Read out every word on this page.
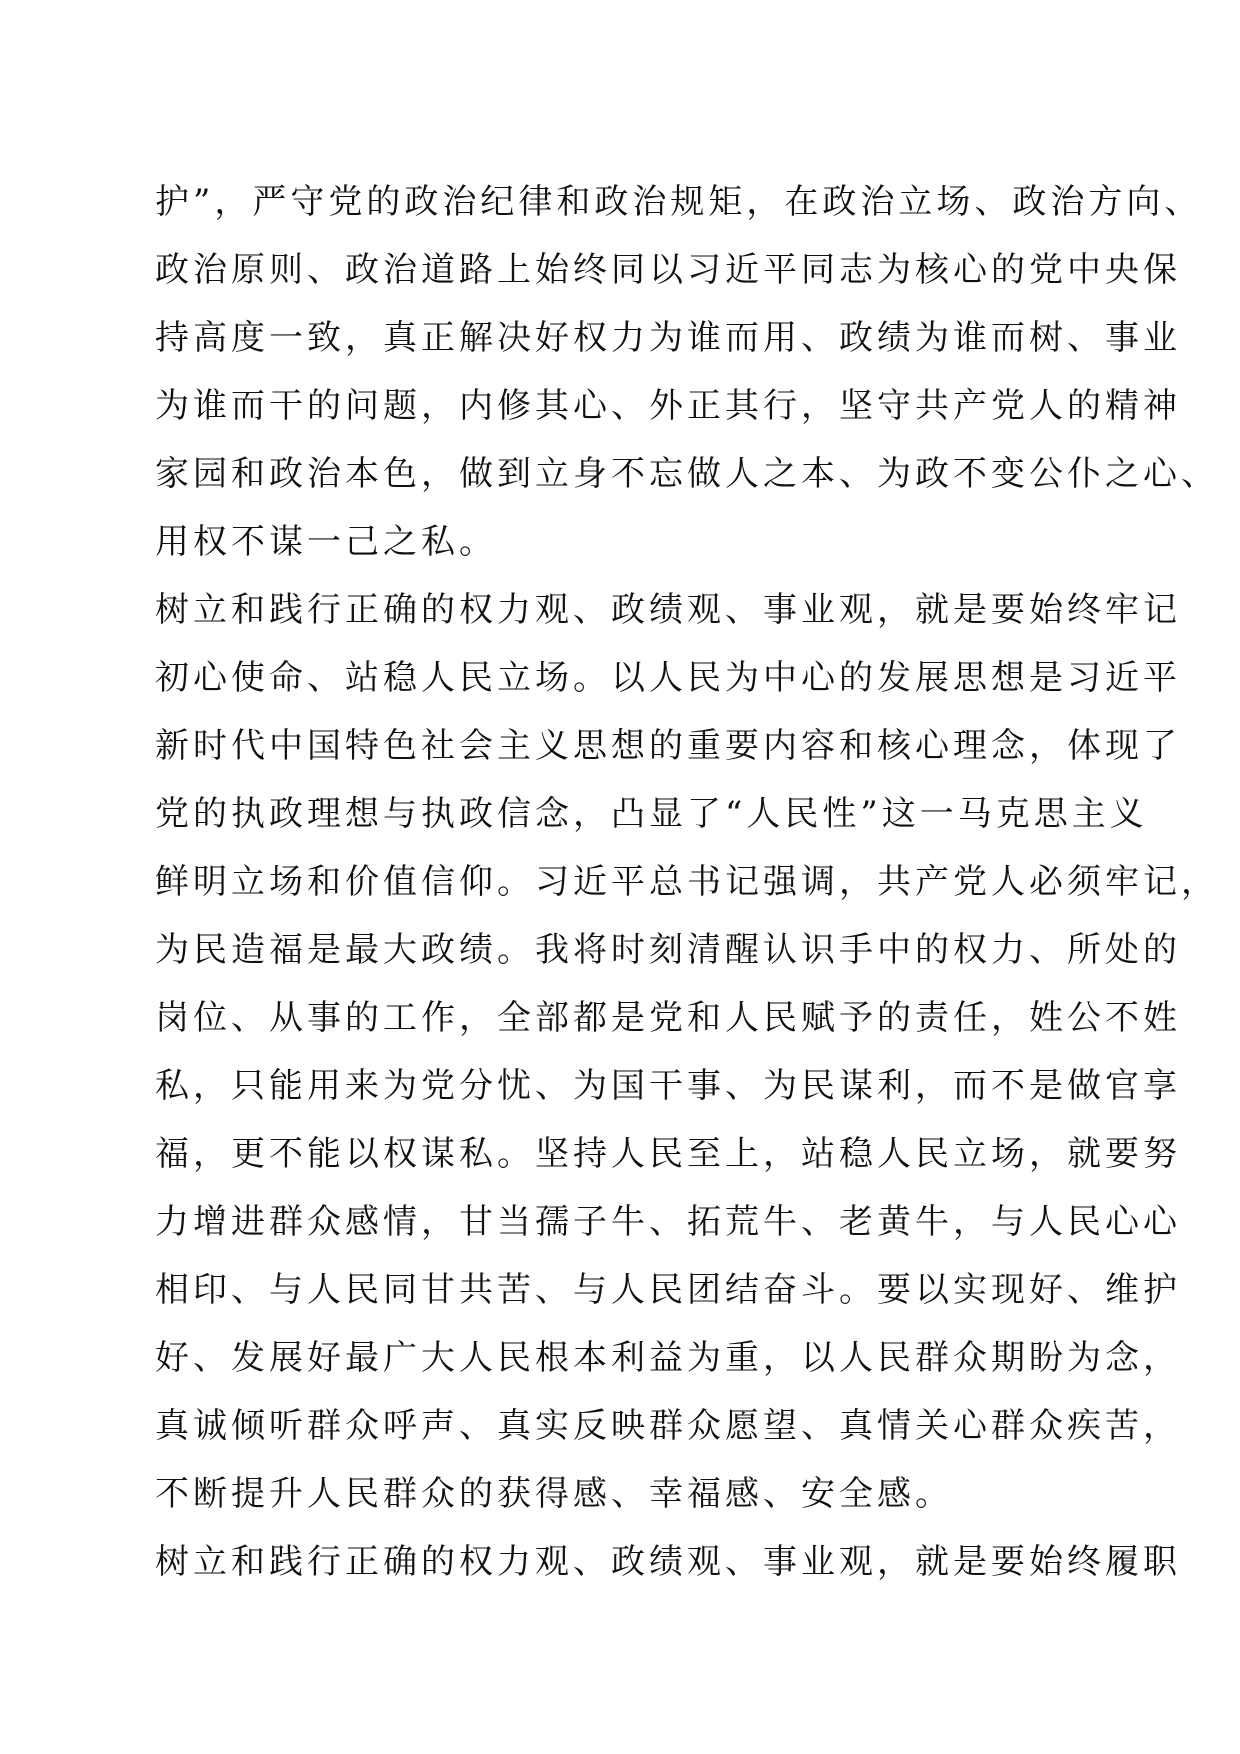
护”，严守党的政治纪律和政治规矩，在政治立场、政治方向、
政治原则、政治道路上始终同以习近平同志为核心的党中央保
持高度一致，真正解决好权力为谁而用、政绩为谁而树、事业
为谁而干的问题，内修其心、外正其行，坚守共产党人的精神
家园和政治本色，做到立身不忘做人之本、为政不变公仆之心、
用权不谋一己之私。
树立和践行正确的权力观、政绩观、事业观，就是要始终牢记
初心使命、站稳人民立场。以人民为中心的发展思想是习近平
新时代中国特色社会主义思想的重要内容和核心理念，体现了
党的执政理想与执政信念，凸显了“人民性”这一马克思主义
鲜明立场和价值信仰。习近平总书记强调，共产党人必须牢记，
为民造福是最大政绩。我将时刻清醒认识手中的权力、所处的
岗位、从事的工作，全部都是党和人民赋予的责任，姓公不姓
私，只能用来为党分忧、为国干事、为民谋利，而不是做官享
福，更不能以权谋私。坚持人民至上，站稳人民立场，就要努
力增进群众感情，甘当孺子牛、拓荒牛、老黄牛，与人民心心
相印、与人民同甘共苦、与人民团结奋斗。要以实现好、维护
好、发展好最广大人民根本利益为重，以人民群众期盼为念，
真诚倾听群众呼声、真实反映群众愿望、真情关心群众疾苦，
不断提升人民群众的获得感、幸福感、安全感。
树立和践行正确的权力观、政绩观、事业观，就是要始终履职
